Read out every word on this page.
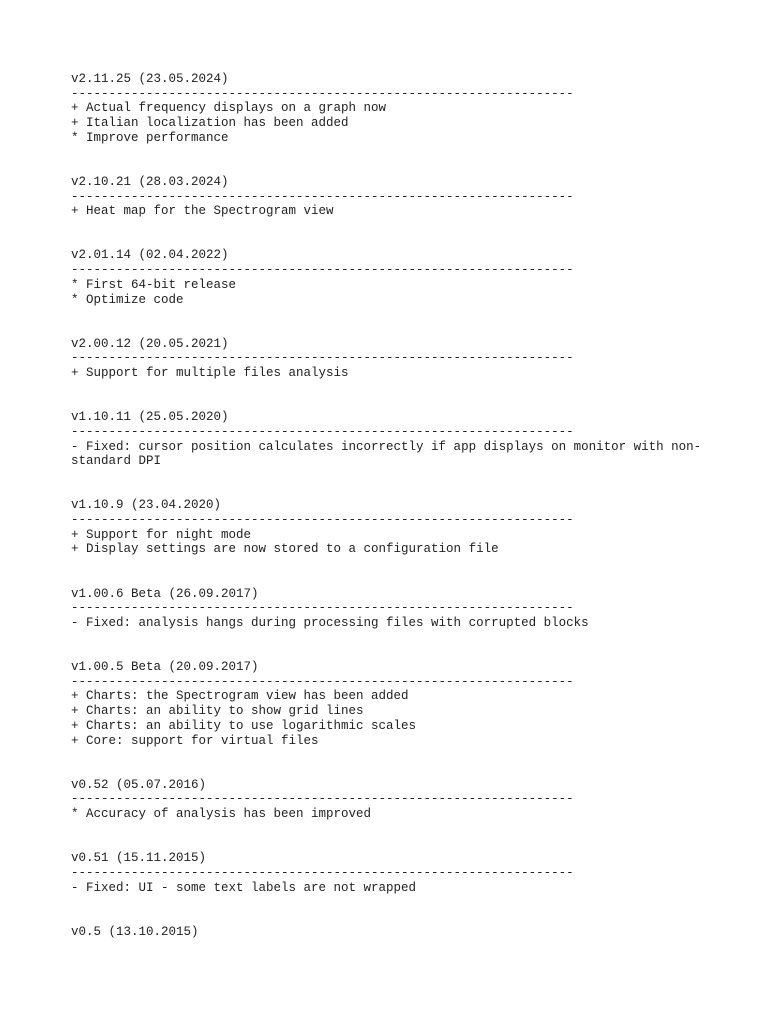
v2.11.25 (23.05.2024)
-------------------------------------------------------------------
+ Actual frequency displays on a graph now
+ Italian localization has been added
* Improve performance
v2.10.21 (28.03.2024)
-------------------------------------------------------------------
+ Heat map for the Spectrogram view
v2.01.14 (02.04.2022)
-------------------------------------------------------------------
* First 64-bit release
* Optimize code
v2.00.12 (20.05.2021)
-------------------------------------------------------------------
+ Support for multiple files analysis
v1.10.11 (25.05.2020)
-------------------------------------------------------------------
- Fixed: cursor position calculates incorrectly if app displays on monitor with non-standard DPI
v1.10.9 (23.04.2020)
-------------------------------------------------------------------
+ Support for night mode
+ Display settings are now stored to a configuration file
v1.00.6 Beta (26.09.2017)
-------------------------------------------------------------------
- Fixed: analysis hangs during processing files with corrupted blocks
v1.00.5 Beta (20.09.2017)
-------------------------------------------------------------------
+ Charts: the Spectrogram view has been added
+ Charts: an ability to show grid lines
+ Charts: an ability to use logarithmic scales
+ Core: support for virtual files
v0.52 (05.07.2016)
-------------------------------------------------------------------
* Accuracy of analysis has been improved
v0.51 (15.11.2015)
-------------------------------------------------------------------
- Fixed: UI - some text labels are not wrapped
v0.5 (13.10.2015)
